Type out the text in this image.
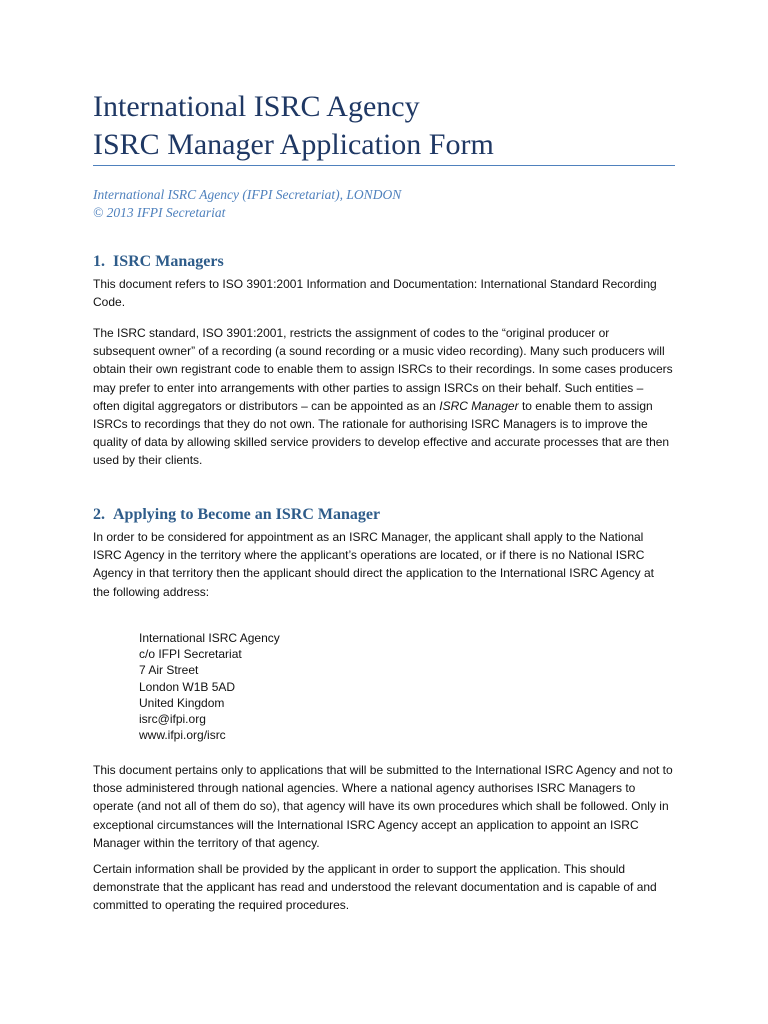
International ISRC Agency
ISRC Manager Application Form
International ISRC Agency (IFPI Secretariat), LONDON
© 2013 IFPI Secretariat
1. ISRC Managers
This document refers to ISO 3901:2001 Information and Documentation: International Standard Recording Code.
The ISRC standard, ISO 3901:2001, restricts the assignment of codes to the “original producer or subsequent owner” of a recording (a sound recording or a music video recording). Many such producers will obtain their own registrant code to enable them to assign ISRCs to their recordings. In some cases producers may prefer to enter into arrangements with other parties to assign ISRCs on their behalf. Such entities – often digital aggregators or distributors – can be appointed as an ISRC Manager to enable them to assign ISRCs to recordings that they do not own. The rationale for authorising ISRC Managers is to improve the quality of data by allowing skilled service providers to develop effective and accurate processes that are then used by their clients.
2. Applying to Become an ISRC Manager
In order to be considered for appointment as an ISRC Manager, the applicant shall apply to the National ISRC Agency in the territory where the applicant’s operations are located, or if there is no National ISRC Agency in that territory then the applicant should direct the application to the International ISRC Agency at the following address:
International ISRC Agency
c/o IFPI Secretariat
7 Air Street
London W1B 5AD
United Kingdom
isrc@ifpi.org
www.ifpi.org/isrc
This document pertains only to applications that will be submitted to the International ISRC Agency and not to those administered through national agencies. Where a national agency authorises ISRC Managers to operate (and not all of them do so), that agency will have its own procedures which shall be followed. Only in exceptional circumstances will the International ISRC Agency accept an application to appoint an ISRC Manager within the territory of that agency.
Certain information shall be provided by the applicant in order to support the application. This should demonstrate that the applicant has read and understood the relevant documentation and is capable of and committed to operating the required procedures.
